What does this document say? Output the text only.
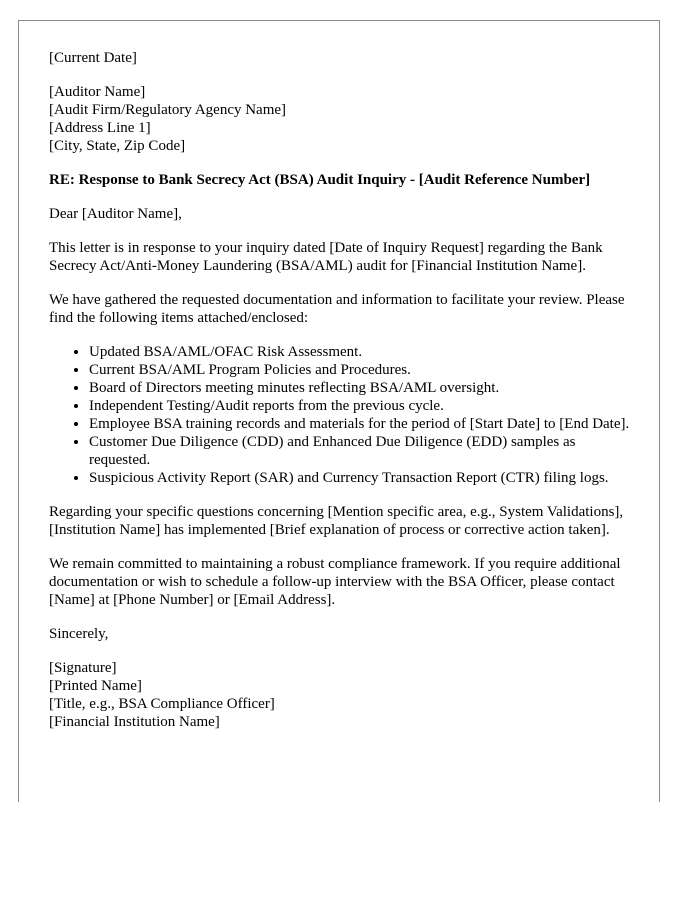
[Current Date]
[Auditor Name]
[Audit Firm/Regulatory Agency Name]
[Address Line 1]
[City, State, Zip Code]
RE: Response to Bank Secrecy Act (BSA) Audit Inquiry - [Audit Reference Number]

Dear [Auditor Name],

This letter is in response to your inquiry dated [Date of Inquiry Request] regarding the Bank Secrecy Act/Anti-Money Laundering (BSA/AML) audit for [Financial Institution Name].

We have gathered the requested documentation and information to facilitate your review. Please find the following items attached/enclosed:

• Updated BSA/AML/OFAC Risk Assessment.
• Current BSA/AML Program Policies and Procedures.
• Board of Directors meeting minutes reflecting BSA/AML oversight.
• Independent Testing/Audit reports from the previous cycle.
• Employee BSA training records and materials for the period of [Start Date] to [End Date].
• Customer Due Diligence (CDD) and Enhanced Due Diligence (EDD) samples as requested.
• Suspicious Activity Report (SAR) and Currency Transaction Report (CTR) filing logs.

Regarding your specific questions concerning [Mention specific area, e.g., System Validations], [Institution Name] has implemented [Brief explanation of process or corrective action taken].

We remain committed to maintaining a robust compliance framework. If you require additional documentation or wish to schedule a follow-up interview with the BSA Officer, please contact [Name] at [Phone Number] or [Email Address].

Sincerely,

[Signature]
[Printed Name]
[Title, e.g., BSA Compliance Officer]
[Financial Institution Name]
